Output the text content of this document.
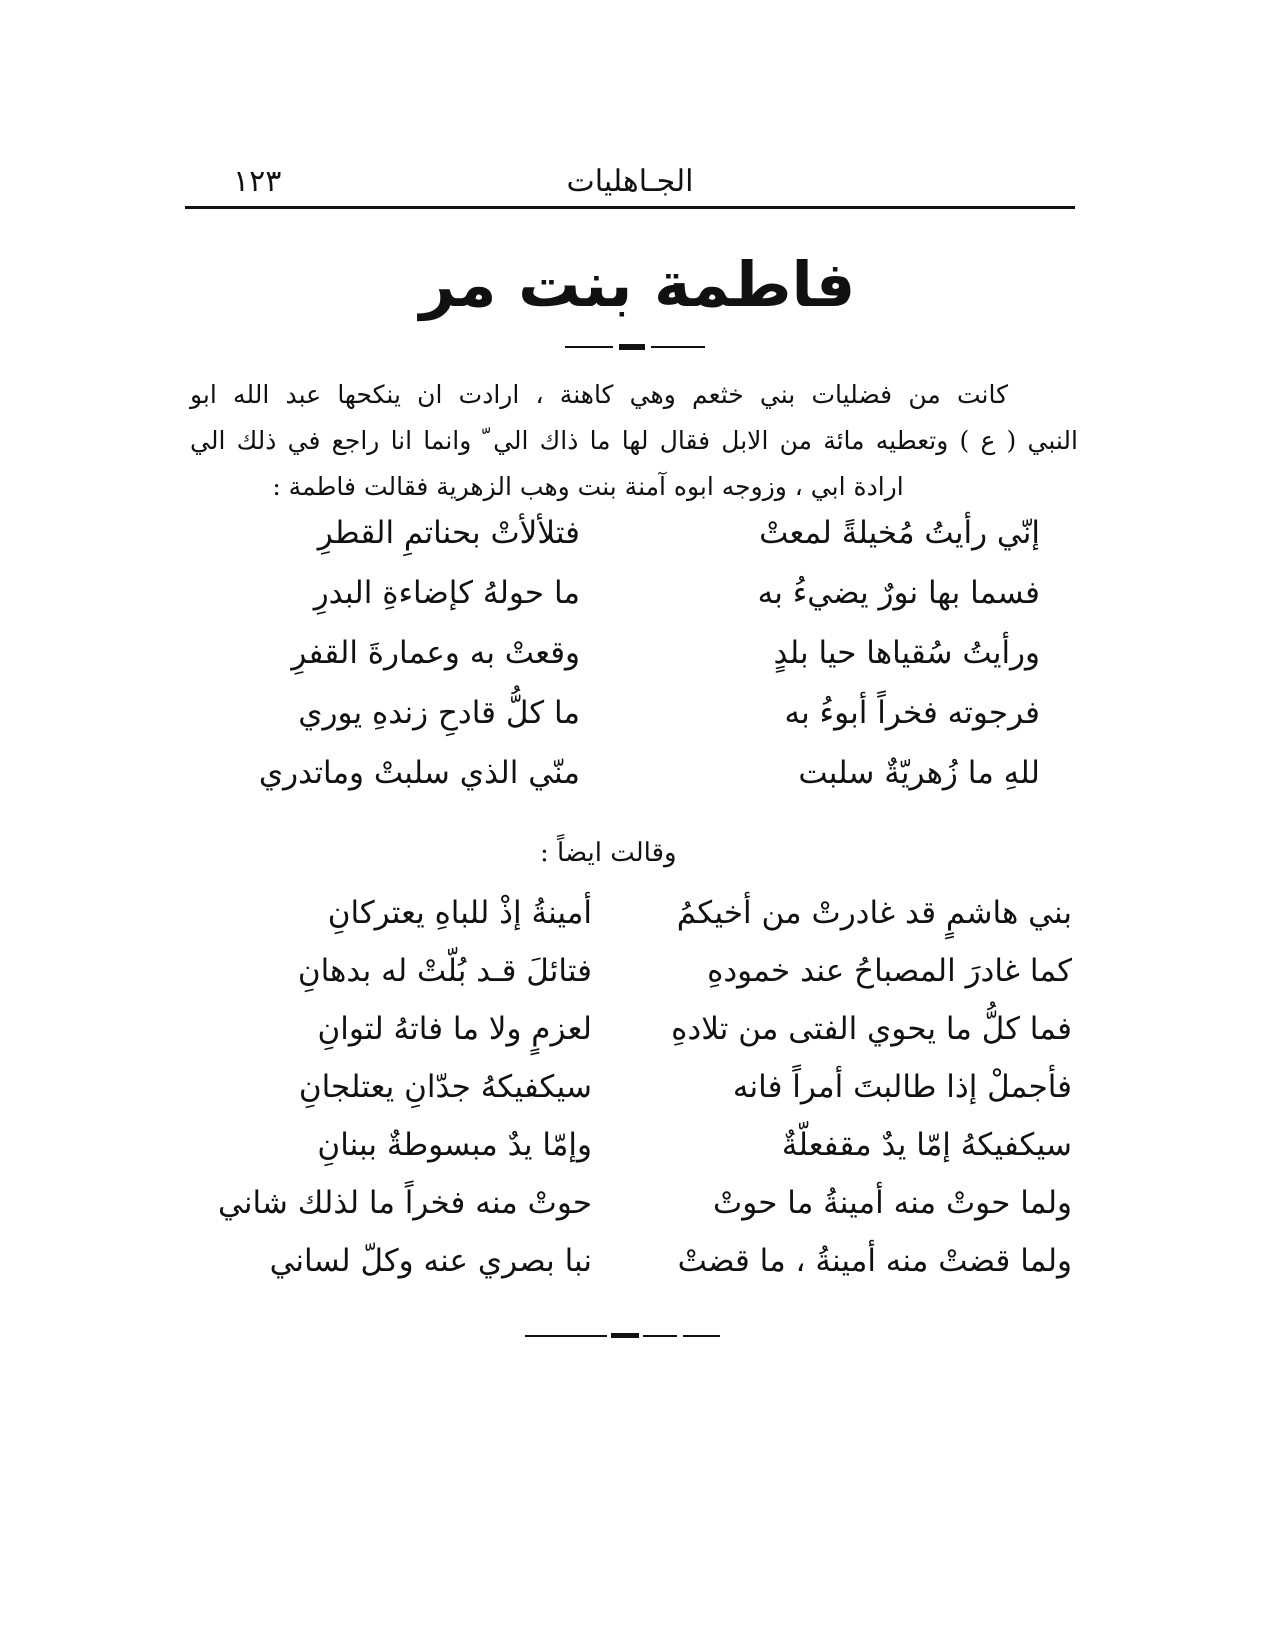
الجـاهليات
١٢٣
فاطمة بنت مر
كانت من فضليات بني خثعم وهي كاهنة ، ارادت ان ينكحها عبد الله ابو
النبي ( ع ) وتعطيه مائة من الابل فقال لها ما ذاك الي ّ وانما انا راجع في ذلك الي
ارادة ابي ، وزوجه ابوه آمنة بنت وهب الزهرية فقالت فاطمة :
إنّي رأيتُ مُخيلةً لمعتْ
فتلألأتْ بحناتمِ القطرِ
فسما بها نورٌ يضيءُ به
ما حولهُ كإضاءةِ البدرِ
ورأيتُ سُقياها حيا بلدٍ
وقعتْ به وعمارةَ القفرِ
فرجوته فخراً أبوءُ به
ما كلُّ قادحِ زندهِ يوري
للهِ ما زُهريّةٌ سلبت
منّي الذي سلبتْ وماتدري
وقالت ايضاً :
بني هاشمٍ قد غادرتْ من أخيكمُ
أمينةُ إذْ للباهِ يعتركانِ
كما غادرَ المصباحُ عند خمودهِ
فتائلَ قـد بُلّتْ له بدهانِ
فما كلُّ ما يحوي الفتى من تلادهِ
لعزمٍ ولا ما فاتهُ لتوانِ
فأجملْ إذا طالبتَ أمراً فانه
سيكفيكهُ جدّانِ يعتلجانِ
سيكفيكهُ إمّا يدٌ مقفعلّةٌ
وإمّا يدٌ مبسوطةٌ ببنانِ
ولما حوتْ منه أمينةُ ما حوتْ
حوتْ منه فخراً ما لذلك شاني
ولما قضتْ منه أمينةُ ، ما قضتْ
نبا بصري عنه وكلّ لساني
